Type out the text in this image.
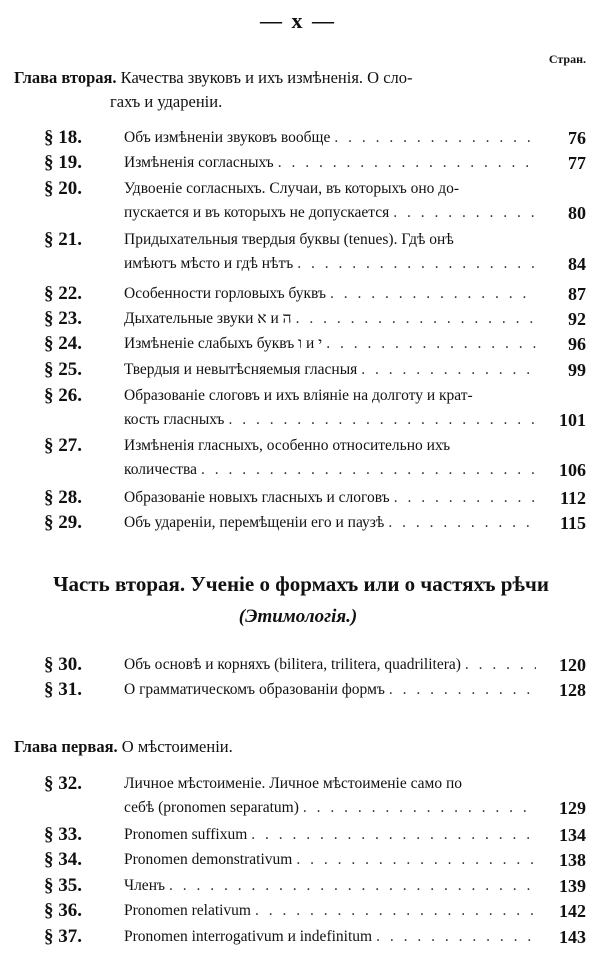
— x —
Стран.
Глава вторая. Качества звуковъ и ихъ измѣненія. О сло-
гахъ и удареніи.
§ 18.	Объ измѣненіи звуковъ вообще . . .	76
§ 19.	Измѣненія согласныхъ . . .	77
§ 20.	Удвоеніе согласныхъ. Случаи, въ которыхъ оно до-
пускается и въ которыхъ не допускается . . .	80
§ 21.	Придыхательныя твердыя буквы (tenues). Гдѣ онѣ
имѣютъ мѣсто и гдѣ нѣтъ . . .	84
§ 22.	Особенности горловыхъ буквъ . . .	87
§ 23.	Дыхательные звуки א и ה . . .	92
§ 24.	Измѣненіе слабыхъ буквъ ו и י . . .	96
§ 25.	Твердыя и невытѣсняемыя гласныя . . .	99
§ 26.	Образованіе слоговъ и ихъ вліяніе на долготу и крат-
кость гласныхъ . . .	101
§ 27.	Измѣненія гласныхъ, особенно относительно ихъ
количества . . .	106
§ 28.	Образованіе новыхъ гласныхъ и слоговъ . . .	112
§ 29.	Объ удареніи, перемѣщеніи его и паузѣ . . .	115
Часть вторая. Ученіе о формахъ или о частяхъ рѣчи
(Этимологія.)
§ 30.	Объ основѣ и корняхъ (bilitera, trilitera, quadrilitera) . . .	120
§ 31.	О грамматическомъ образованіи формъ . . .	128
Глава первая. О мѣстоименіи.
§ 32.	Личное мѣстоименіе. Личное мѣстоименіе само по
себѣ (pronomen separatum) . . .	129
§ 33.	Pronomen suffixum . . .	134
§ 34.	Pronomen demonstrativum . . .	138
§ 35.	Членъ . . .	139
§ 36.	Pronomen relativum . . .	142
§ 37.	Pronomen interrogativum и indefinitum . . .	143
